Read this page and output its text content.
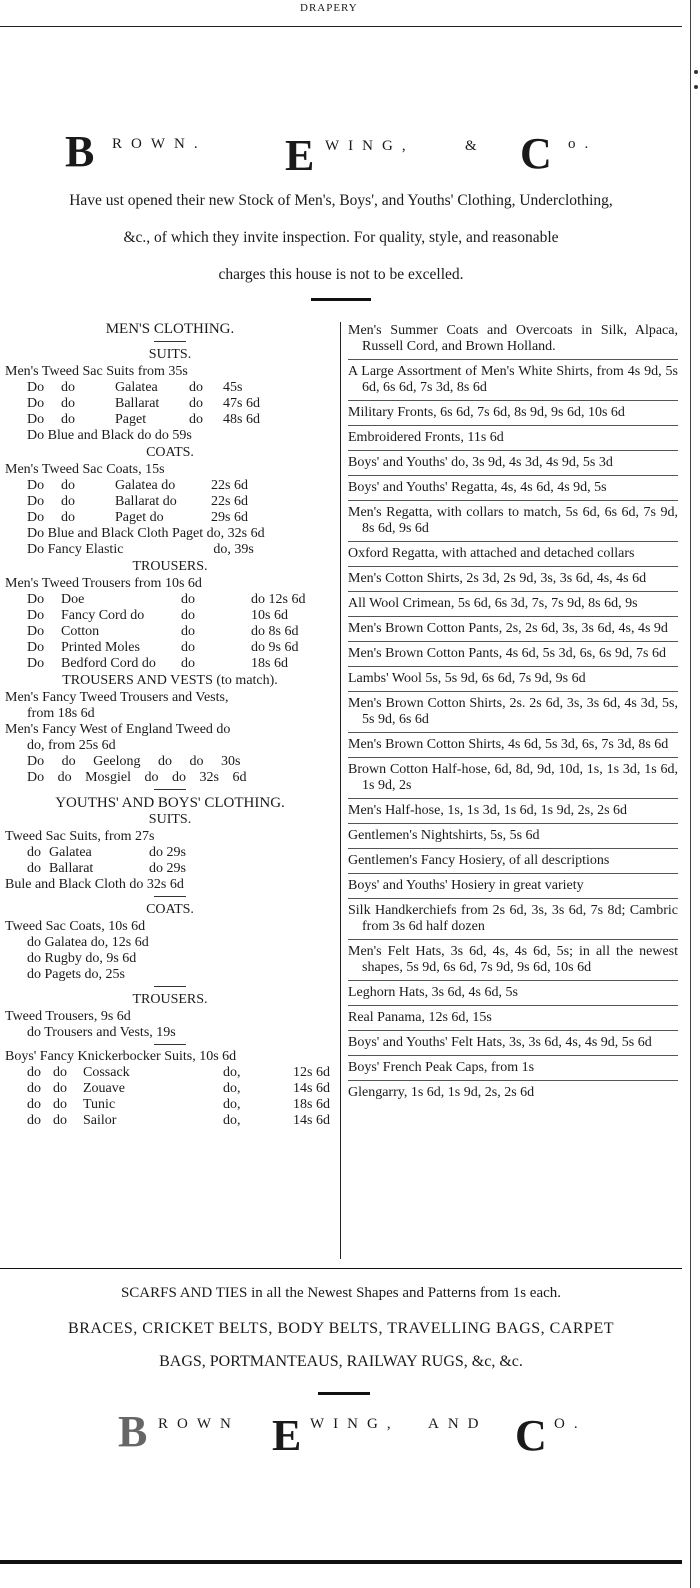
DRAPERY
B ROWN. E WING,	& C o.
Have ust opened their new Stock of Men's, Boys', and Youths' Clothing, Underclothing,
&c., of which they invite inspection. For quality, style, and reasonable
charges this house is not to be excelled.
MEN'S CLOTHING.
SUITS.
Men's Tweed Sac Suits from 35s
Do	do	Galatea	do	45s
Do	do	Ballarat	do	47s 6d
Do	do	Paget	do	48s 6d
Do Blue and Black do do 59s
COATS.
Men's Tweed Sac Coats, 15s
Do	do	Galatea do	22s 6d
Do	do	Ballarat do	22s 6d
Do	do	Paget do	29s 6d
Do Blue and Black Cloth Paget do, 32s 6d
Do Fancy Elastic	do, 39s
TROUSERS.
Men's Tweed Trousers from 10s 6d
Do	Doe	do	do 12s 6d
Do	Fancy Cord do	do	10s 6d
Do	Cotton	do	do 8s 6d
Do	Printed Moles	do	do 9s 6d
Do	Bedford Cord do	do	18s 6d
TROUSERS AND VESTS (to match).
Men's Fancy Tweed Trousers and Vests,
from 18s 6d
Men's Fancy West of England Tweed do
do, from 25s 6d
Do do Geelong do do 30s
Do do Mosgiel do do 32s 6d
YOUTHS' AND BOYS' CLOTHING.
SUITS.
Tweed Sac Suits, from 27s
do Galatea	do 29s
do Ballarat	do 29s
Bule and Black Cloth do 32s 6d
COATS.
Tweed Sac Coats, 10s 6d
do Galatea do, 12s 6d
do Rugby do, 9s 6d
do Pagets do, 25s
TROUSERS.
Tweed Trousers, 9s 6d
do Trousers and Vests, 19s
Boys' Fancy Knickerbocker Suits, 10s 6d
do do	Cossack	do,	12s 6d
do do	Zouave	do,	14s 6d
do do	Tunic	do,	18s 6d
do do	Sailor	do,	14s 6d
Men's Summer Coats and Overcoats in Silk, Alpaca, Russell Cord, and Brown Holland.
A Large Assortment of Men's White Shirts, from 4s 9d, 5s 6d, 6s 6d, 7s 3d, 8s 6d
Military Fronts, 6s 6d, 7s 6d, 8s 9d, 9s 6d, 10s 6d
Embroidered Fronts, 11s 6d
Boys' and Youths' do, 3s 9d, 4s 3d, 4s 9d, 5s 3d
Boys' and Youths' Regatta, 4s, 4s 6d, 4s 9d, 5s
Men's Regatta, with collars to match, 5s 6d, 6s 6d, 7s 9d, 8s 6d, 9s 6d
Oxford Regatta, with attached and detached collars
Men's Cotton Shirts, 2s 3d, 2s 9d, 3s, 3s 6d, 4s, 4s 6d
All Wool Crimean, 5s 6d, 6s 3d, 7s, 7s 9d, 8s 6d, 9s
Men's Brown Cotton Pants, 2s, 2s 6d, 3s, 3s 6d, 4s, 4s 9d
Men's Brown Cotton Pants, 4s 6d, 5s 3d, 6s, 6s 9d, 7s 6d
Lambs' Wool 5s, 5s 9d, 6s 6d, 7s 9d, 9s 6d
Men's Brown Cotton Shirts, 2s. 2s 6d, 3s, 3s 6d, 4s 3d, 5s, 5s 9d, 6s 6d
Men's Brown Cotton Shirts, 4s 6d, 5s 3d, 6s, 7s 3d, 8s 6d
Brown Cotton Half-hose, 6d, 8d, 9d, 10d, 1s, 1s 3d, 1s 6d, 1s 9d, 2s
Men's Half-hose, 1s, 1s 3d, 1s 6d, 1s 9d, 2s, 2s 6d
Gentlemen's Nightshirts, 5s, 5s 6d
Gentlemen's Fancy Hosiery, of all descriptions
Boys' and Youths' Hosiery in great variety
Silk Handkerchiefs from 2s 6d, 3s, 3s 6d, 7s 8d; Cambric from 3s 6d half dozen
Men's Felt Hats, 3s 6d, 4s, 4s 6d, 5s; in all the newest shapes, 5s 9d, 6s 6d, 7s 9d, 9s 6d, 10s 6d
Leghorn Hats, 3s 6d, 4s 6d, 5s
Real Panama, 12s 6d, 15s
Boys' and Youths' Felt Hats, 3s, 3s 6d, 4s, 4s 9d, 5s 6d
Boys' French Peak Caps, from 1s
Glengarry, 1s 6d, 1s 9d, 2s, 2s 6d
SCARFS AND TIES in all the Newest Shapes and Patterns from 1s each.
BRACES, CRICKET BELTS, BODY BELTS, TRAVELLING BAGS, CARPET
BAGS, PORTMANTEAUS, RAILWAY RUGS, &c, &c.
B ROWN E WING, AND C O.
